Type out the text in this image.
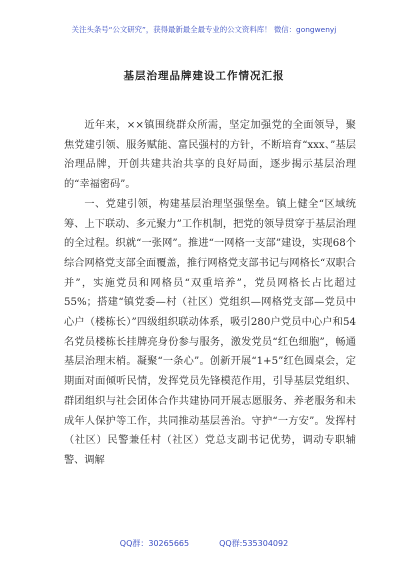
关注头条号“公文研究”，获得最新最全最专业的公文资料库！ 微信：gongwenyj
基层治理品牌建设工作情况汇报

近年来，××镇围绕群众所需，坚定加强党的全面领导，聚焦党建引领、服务赋能、富民强村的方针，不断培育“xxx、”基层治理品牌，开创共建共治共享的良好局面，逐步揭示基层治理的“幸福密码”。

一、党建引领，构建基层治理坚强堡垒。镇上健全“区域统筹、上下联动、多元聚力”工作机制，把党的领导贯穿于基层治理的全过程。织就“一张网”。推进“一网格一支部”建设，实现68个综合网格党支部全面覆盖，推行网格党支部书记与网格长“双职合并”，实施党员和网格员“双重培养”，党员网格长占比超过55%；搭建“镇党委—村（社区）党组织—网格党支部—党员中心户（楼栋长）”四级组织联动体系，吸引280户党员中心户和54名党员楼栋长挂牌亮身份参与服务，激发党员“红色细胞”，畅通基层治理末梢。凝聚“一条心”。创新开展“1+5”红色圆桌会，定期面对面倾听民情，发挥党员先锋模范作用，引导基层党组织、群团组织与社会团体合作共建协同开展志愿服务、养老服务和未成年人保护等工作，共同推动基层善治。守护“一方安”。发挥村（社区）民警兼任村（社区）党总支副书记优势，调动专职辅警、调解

QQ群：30265665	QQ群:535304092
